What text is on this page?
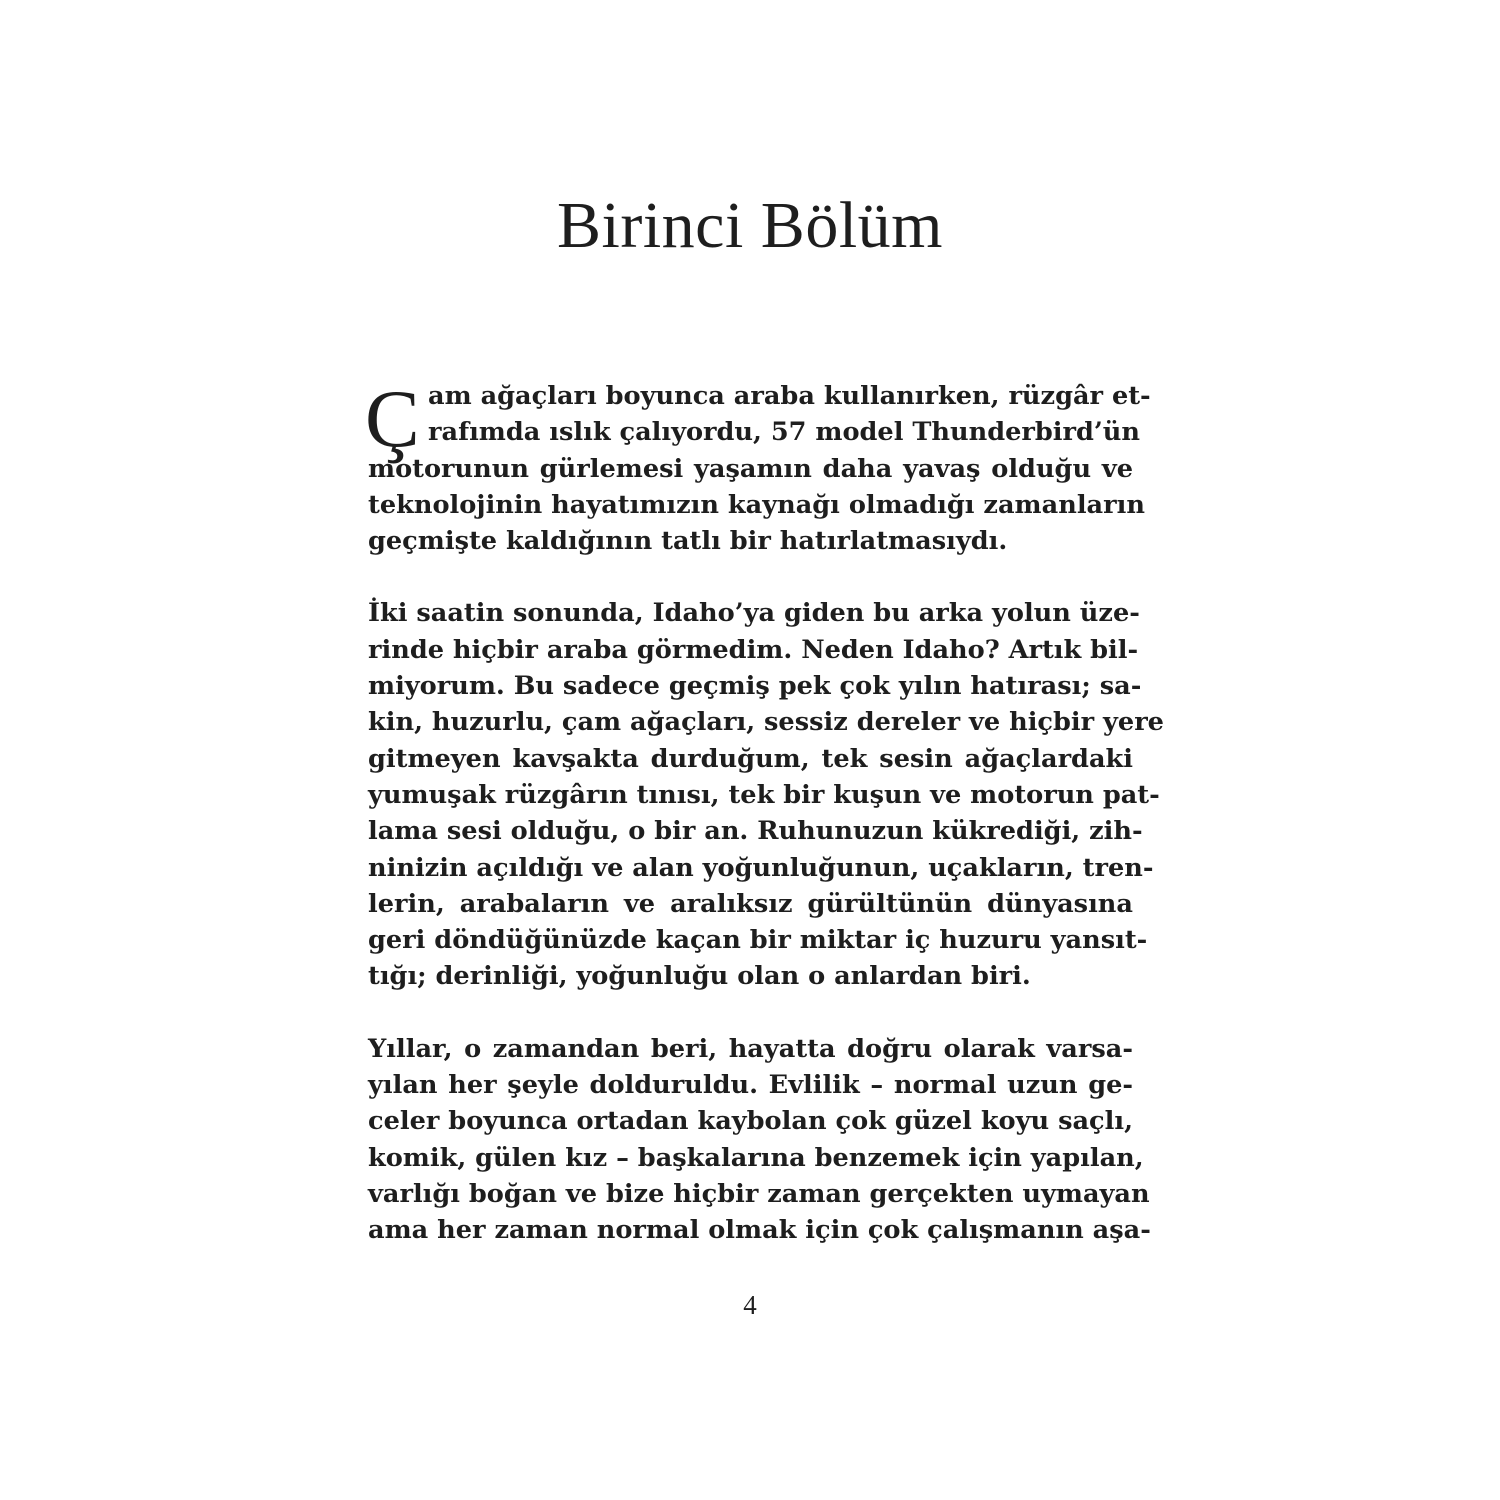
Birinci Bölüm
Ç am ağaçları boyunca araba kullanırken, rüzgâr et-
rafımda ıslık çalıyordu, 57 model Thunderbird’ün
motorunun gürlemesi yaşamın daha yavaş olduğu ve
teknolojinin hayatımızın kaynağı olmadığı zamanların
geçmişte kaldığının tatlı bir hatırlatmasıydı.
İki saatin sonunda, Idaho’ya giden bu arka yolun üze-
rinde hiçbir araba görmedim. Neden Idaho? Artık bil-
miyorum. Bu sadece geçmiş pek çok yılın hatırası; sa-
kin, huzurlu, çam ağaçları, sessiz dereler ve hiçbir yere
gitmeyen kavşakta durduğum, tek sesin ağaçlardaki
yumuşak rüzgârın tınısı, tek bir kuşun ve motorun pat-
lama sesi olduğu, o bir an. Ruhunuzun kükrediği, zih-
ninizin açıldığı ve alan yoğunluğunun, uçakların, tren-
lerin, arabaların ve aralıksız gürültünün dünyasına
geri döndüğünüzde kaçan bir miktar iç huzuru yansıt-
tığı; derinliği, yoğunluğu olan o anlardan biri.
Yıllar, o zamandan beri, hayatta doğru olarak varsa-
yılan her şeyle dolduruldu. Evlilik – normal uzun ge-
celer boyunca ortadan kaybolan çok güzel koyu saçlı,
komik, gülen kız – başkalarına benzemek için yapılan,
varlığı boğan ve bize hiçbir zaman gerçekten uymayan
ama her zaman normal olmak için çok çalışmanın aşa-
4
